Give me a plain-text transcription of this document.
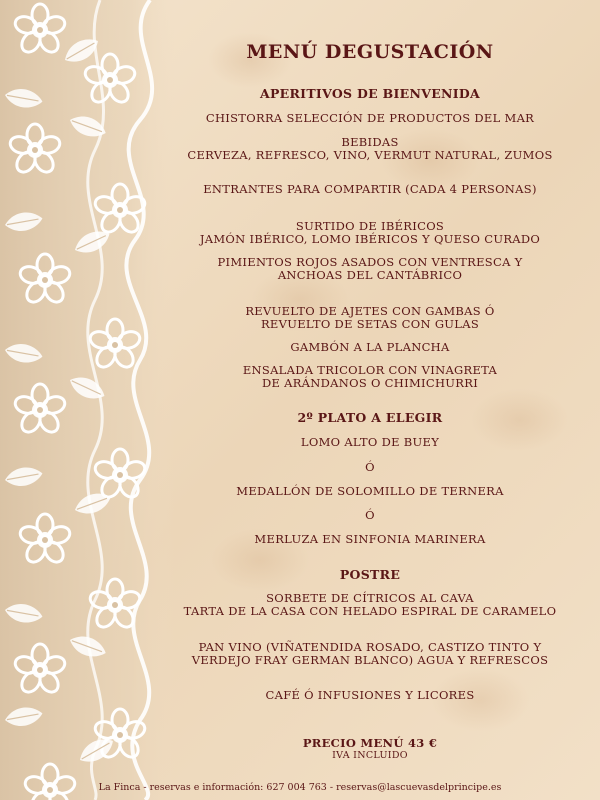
MENÚ DEGUSTACIÓN
APERITIVOS DE BIENVENIDA
CHISTORRA SELECCIÓN DE PRODUCTOS DEL MAR
BEBIDAS
CERVEZA, REFRESCO, VINO, VERMUT NATURAL, ZUMOS
ENTRANTES PARA COMPARTIR (CADA 4 PERSONAS)
SURTIDO DE IBÉRICOS
JAMÓN IBÉRICO, LOMO IBÉRICOS Y QUESO CURADO
PIMIENTOS ROJOS ASADOS CON VENTRESCA Y
ANCHOAS DEL CANTÁBRICO
REVUELTO DE AJETES CON GAMBAS Ó
REVUELTO DE SETAS CON GULAS
GAMBÓN A LA PLANCHA
ENSALADA TRICOLOR CON VINAGRETA
DE ARÁNDANOS O CHIMICHURRI
2º PLATO A ELEGIR
LOMO ALTO DE BUEY
Ó
MEDALLÓN DE SOLOMILLO DE TERNERA
Ó
MERLUZA EN SINFONIA MARINERA
POSTRE
SORBETE DE CÍTRICOS AL CAVA
TARTA DE LA CASA CON HELADO ESPIRAL DE CARAMELO
PAN VINO (VIÑATENDIDA ROSADO, CASTIZO TINTO Y
VERDEJO FRAY GERMAN BLANCO) AGUA Y REFRESCOS
CAFÉ Ó INFUSIONES Y LICORES
PRECIO MENÚ 43 €
IVA INCLUIDO
La Finca - reservas e información: 627 004 763 - reservas@lascuevasdelprincipe.es
